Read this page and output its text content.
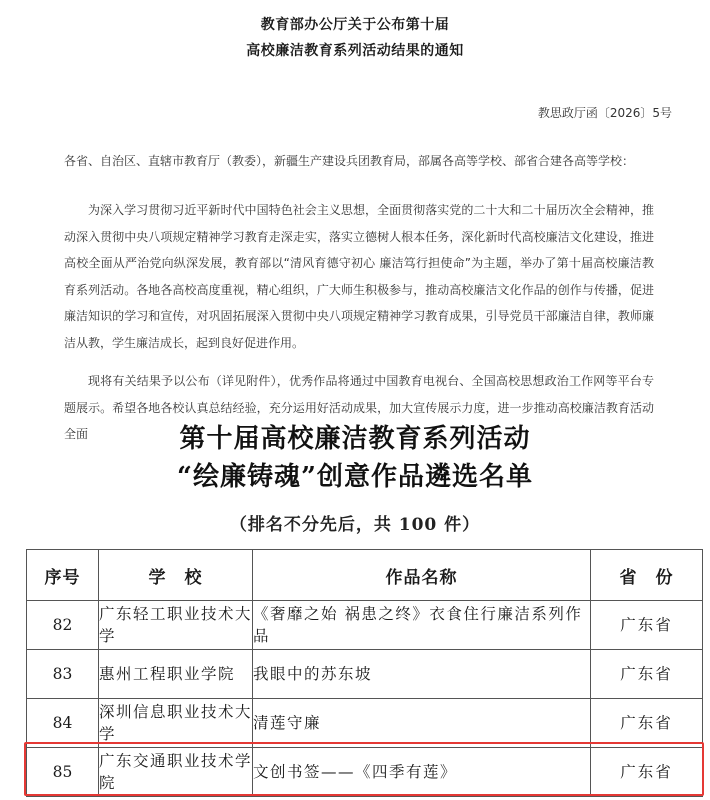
教育部办公厅关于公布第十届
高校廉洁教育系列活动结果的通知
教思政厅函〔2026〕5号
各省、自治区、直辖市教育厅（教委），新疆生产建设兵团教育局，部属各高等学校、部省合建各高等学校：

为深入学习贯彻习近平新时代中国特色社会主义思想，全面贯彻落实党的二十大和二十届历次全会精神，推动深入贯彻中央八项规定精神学习教育走深走实，落实立德树人根本任务，深化新时代高校廉洁文化建设，推进高校全面从严治党向纵深发展，教育部以“清风育德守初心 廉洁笃行担使命”为主题，举办了第十届高校廉洁教育系列活动。各地各高校高度重视，精心组织，广大师生积极参与，推动高校廉洁文化作品的创作与传播，促进廉洁知识的学习和宣传，对巩固拓展深入贯彻中央八项规定精神学习教育成果，引导党员干部廉洁自律，教师廉洁从教，学生廉洁成长，起到良好促进作用。

现将有关结果予以公布（详见附件），优秀作品将通过中国教育电视台、全国高校思想政治工作网等平台专题展示。希望各地各校认真总结经验，充分运用好活动成果，加大宣传展示力度，进一步推动高校廉洁教育活动全面	第十届高校廉洁教育系列活动
“绘廉铸魂”创意作品遴选名单
（排名不分先后，共 100 件）
序号	学　校	作品名称	省　份
82	广东轻工职业技术大学	《奢靡之始 祸患之终》衣食住行廉洁系列作品	广东省
83	惠州工程职业学院	我眼中的苏东坡	广东省
84	深圳信息职业技术大学	清莲守廉	广东省
85	广东交通职业技术学院	文创书签——《四季有莲》	广东省
